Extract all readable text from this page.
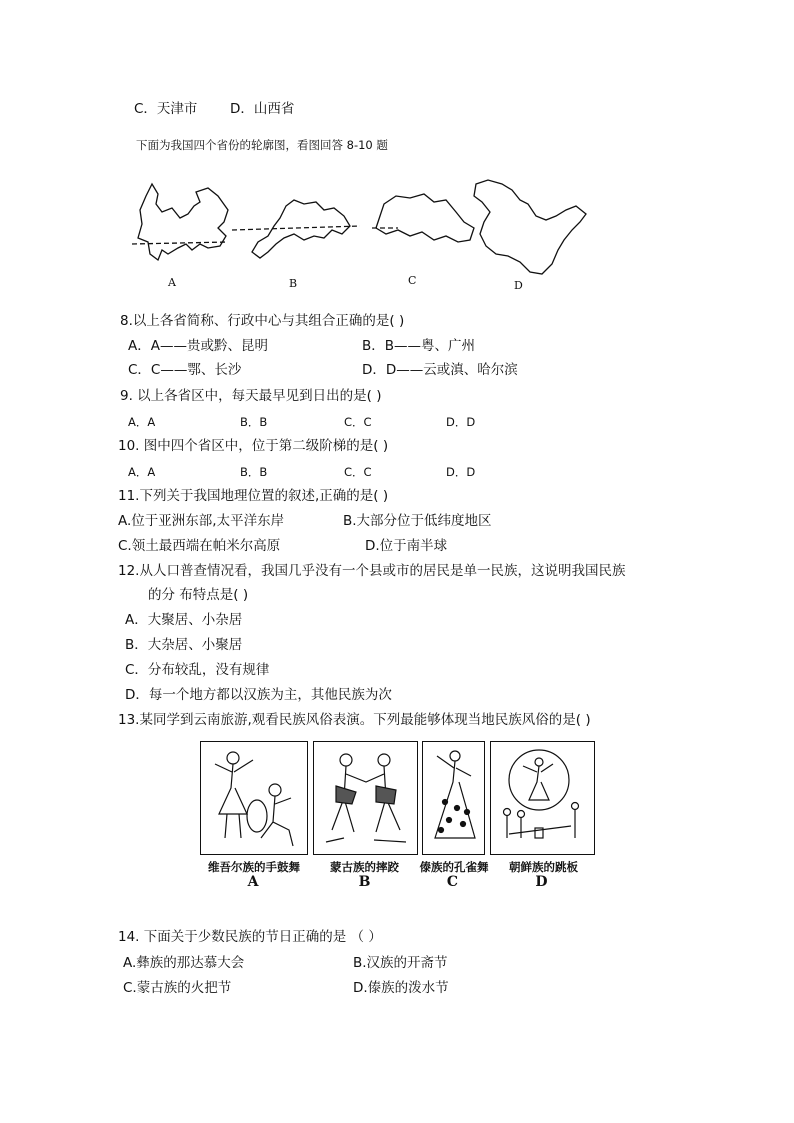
C．天津市 D．山西省
下面为我国四个省份的轮廓图，看图回答 8-10 题
A	B	C	D
8.以上各省简称、行政中心与其组合正确的是( )
A．A——贵或黔、昆明	B．B——粤、广州
C．C——鄂、长沙	D．D——云或滇、哈尔滨
9. 以上各省区中，每天最早见到日出的是( )
A．A	B．B	C．C	D．D
10. 图中四个省区中，位于第二级阶梯的是( )
A．A	B．B	C．C	D．D
11.下列关于我国地理位置的叙述,正确的是( )
A.位于亚洲东部,太平洋东岸	B.大部分位于低纬度地区
C.领土最西端在帕米尔高原	D.位于南半球
12.从人口普查情况看，我国几乎没有一个县或市的居民是单一民族，这说明我国民族
的分 布特点是( )
A．大聚居、小杂居
B．大杂居、小聚居
C．分布较乱，没有规律
D．每一个地方都以汉族为主，其他民族为次
13.某同学到云南旅游,观看民族风俗表演。下列最能够体现当地民族风俗的是( )
维吾尔族的手鼓舞	蒙古族的摔跤	傣族的孔雀舞	朝鲜族的跳板
A	B	C	D
14. 下面关于少数民族的节日正确的是 （ ）
A.彝族的那达慕大会	B.汉族的开斋节
C.蒙古族的火把节	D.傣族的泼水节
